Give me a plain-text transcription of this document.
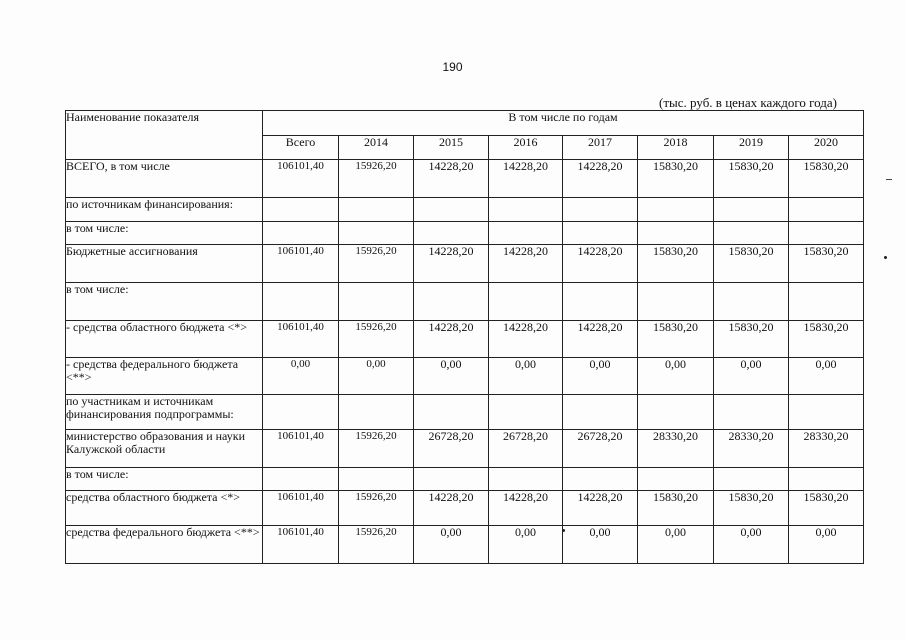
190
(тыс. руб. в ценах каждого года)
Наименование показателя	В том числе по годам							
	Всего	2014	2015	2016	2017	2018	2019	2020
ВСЕГО, в том числе	106101,40	15926,20	14228,20	14228,20	14228,20	15830,20	15830,20	15830,20
по источникам финансирования:								
в том числе:								
Бюджетные ассигнования	106101,40	15926,20	14228,20	14228,20	14228,20	15830,20	15830,20	15830,20
в том числе:								
- средства областного бюджета <*>	106101,40	15926,20	14228,20	14228,20	14228,20	15830,20	15830,20	15830,20
- средства федерального бюджета <**>	0,00	0,00	0,00	0,00	0,00	0,00	0,00	0,00
по участникам и источникам финансирования подпрограммы:								
министерство образования и науки Калужской области	106101,40	15926,20	26728,20	26728,20	26728,20	28330,20	28330,20	28330,20
в том числе:								
средства областного бюджета <*>	106101,40	15926,20	14228,20	14228,20	14228,20	15830,20	15830,20	15830,20
средства федерального бюджета <**>	106101,40	15926,20	0,00	0,00	0,00	0,00	0,00	0,00
